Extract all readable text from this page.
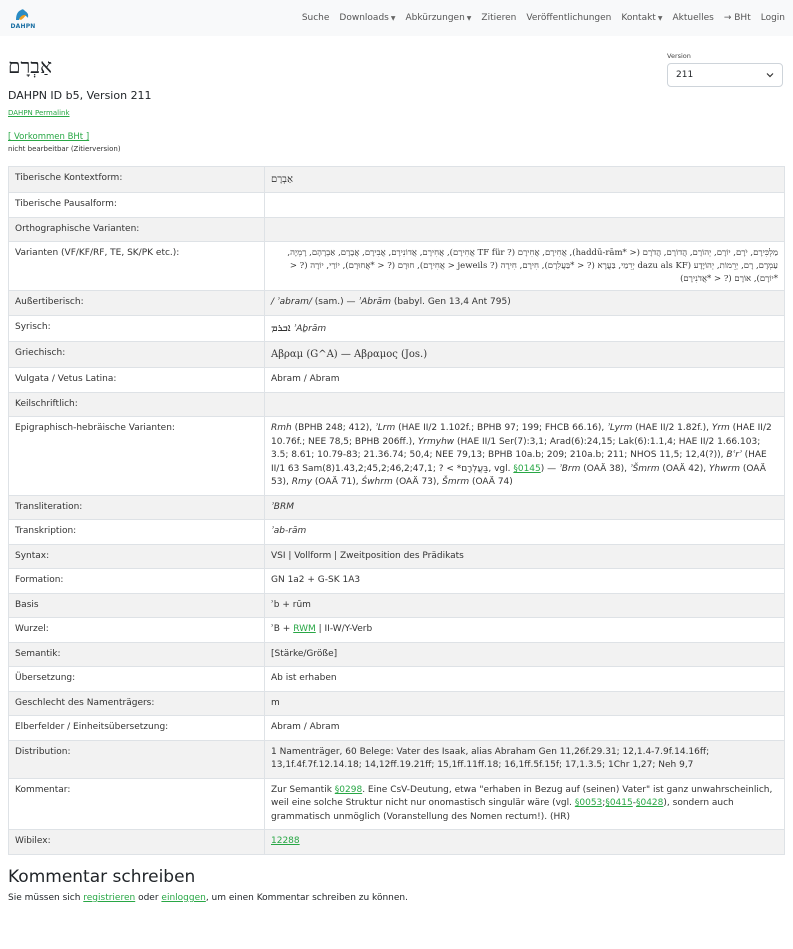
DAHPN
Suche Downloads ▼ Abkürzungen ▼ Zitieren Veröffentlichungen Kontakt ▼ Aktuelles → BHt Login
אַבְרָם
DAHPN ID b5, Version 211
DAHPN Permalink
[ Vorkommen BHt ]
nicht bearbeitbar (Zitierversion)
Version
211
Tiberische Kontextform:	אַבְרָם
Tiberische Pausalform:	
Orthographische Varianten:	
Varianten (VF/KF/RF, TE, SK/PK etc.):	מַלְכִּירָם, יֹרָם, יוֹרָם, יְהוֹרָם, הֲדוֹרָם, הֲדֹרָם (< *haddū-rām), אֲחִירָם, אֲחִירָם (? TF für אֲחִירָם), אֲחִירָם, אֲדוֹנִירָם, אֲבִירָם, אֲבָרָם, אַבְרָהָם, רָמְיָה, עַמְרָם, רָם, יְרֵמוֹת, יְהוֹיָדָע (dazu als KF יְרֵמַי, בַּעֲרָא (? < *בַּעֲלִרָם), חִירָם, חִירָה (? jeweils < אֲחִירָם), חוּרָם (? < *אֲחוּרָם), יוֹרַי, יוֹרָה (? < *יוֹרָם), אוֹרָם (? < *אֲדֹנִירָם)
Außertiberisch:	/ ʾabram/ (sam.) — ʾAbrām (babyl. Gen 13,4 Ant 795)
Syrisch:	ܐܒܪܡ ʾAḇrām
Griechisch:	Αβραμ (G^A) — Αβραμος (Jos.)
Vulgata / Vetus Latina:	Abram / Abram
Keilschriftlich:	
Epigraphisch-hebräische Varianten:	Rmh (BPHB 248; 412), ʾLrm (HAE II/2 1.102f.; BPHB 97; 199; FHCB 66.16), ʾLyrm (HAE II/2 1.82f.), Yrm (HAE II/2 10.76f.; NEE 78,5; BPHB 206ff.), Yrmyhw (HAE II/1 Ser(7):3,1; Arad(6):24,15; Lak(6):1.1,4; HAE II/2 1.66.103; 3.5; 8.61; 10.79-83; 21.36.74; 50,4; NEE 79,13; BPHB 10a.b; 209; 210a.b; 211; NHOS 11,5; 12,4(?)), Bʿrʾ (HAE II/1 63 Sam(8)1.43,2;45,2;46,2;47,1; ? < *בַּעֲלְרָם, vgl. §0145) — ʾBrm (OAÄ 38), ʾŠmrm (OAÄ 42), Yhwrm (OAÄ 53), Rmy (OAÄ 71), Śwhrm (OAÄ 73), Šmrm (OAÄ 74)
Transliteration:	ʾBRM
Transkription:	ʾab-rām
Syntax:	VSI | Vollform | Zweitposition des Prädikats
Formation:	GN 1a2 + G-SK 1A3
Basis	ʾb + rūm
Wurzel:	ʾB + RWM | II-W/Y-Verb
Semantik:	[Stärke/Größe]
Übersetzung:	Ab ist erhaben
Geschlecht des Namenträgers:	m
Elberfelder / Einheitsübersetzung:	Abram / Abram
Distribution:	1 Namenträger, 60 Belege: Vater des Isaak, alias Abraham Gen 11,26f.29.31; 12,1.4-7.9f.14.16ff; 13,1f.4f.7f.12.14.18; 14,12ff.19.21ff; 15,1ff.11ff.18; 16,1ff.5f.15f; 17,1.3.5; 1Chr 1,27; Neh 9,7
Kommentar:	Zur Semantik §0298. Eine CsV-Deutung, etwa "erhaben in Bezug auf (seinen) Vater" ist ganz unwahrscheinlich, weil eine solche Struktur nicht nur onomastisch singulär wäre (vgl. §0053;§0415-§0428), sondern auch grammatisch unmöglich (Voranstellung des Nomen rectum!). (HR)
Wibilex:	12288
Kommentar schreiben

Sie müssen sich registrieren oder einloggen, um einen Kommentar schreiben zu können.
